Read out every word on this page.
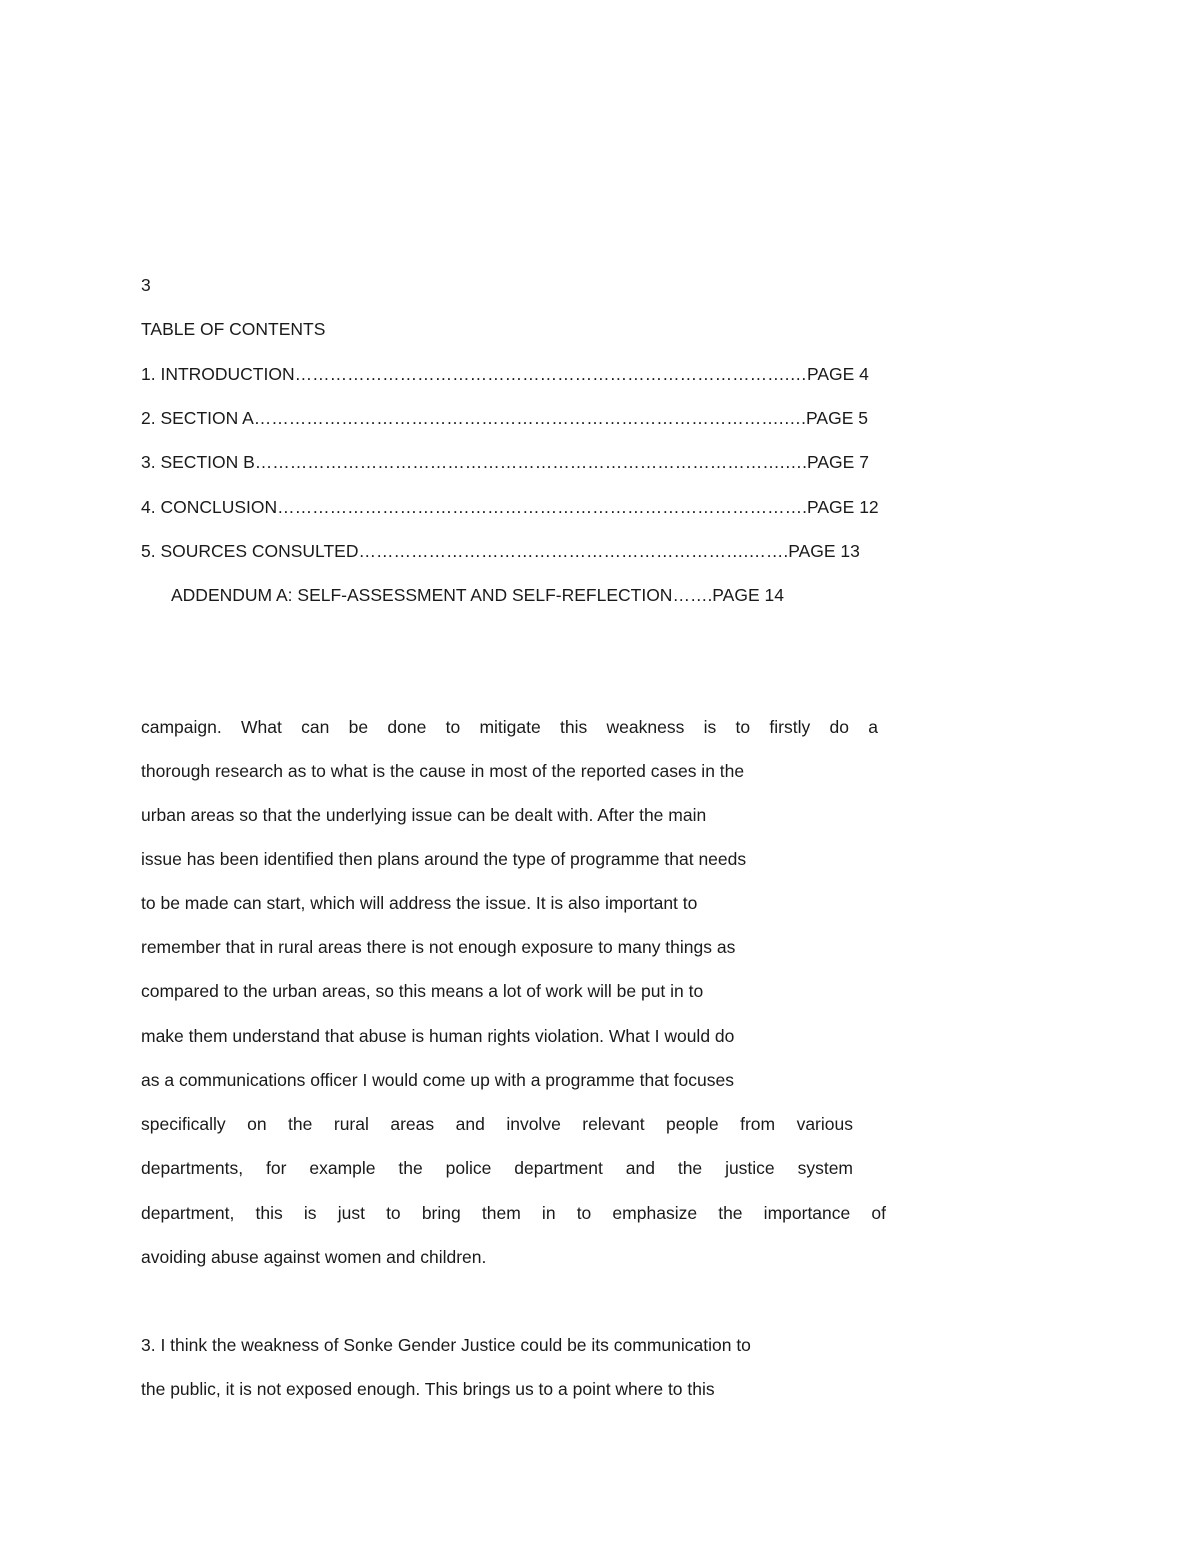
3
TABLE OF CONTENTS
1. INTRODUCTION………………………………………………………………………….…PAGE 4
2. SECTION A……………………………………………………………………………….….PAGE 5
3. SECTION B……………………………………………………………………………….….PAGE 7
4. CONCLUSION……………………………………………………………………………….PAGE 12
5. SOURCES CONSULTED………………………………………………………….…….PAGE 13
ADDENDUM A: SELF-ASSESSMENT AND SELF-REFLECTION…….PAGE 14
campaign. What can be done to mitigate this weakness is to firstly do a
thorough research as to what is the cause in most of the reported cases in the
urban areas so that the underlying issue can be dealt with. After the main
issue has been identified then plans around the type of programme that needs
to be made can start, which will address the issue. It is also important to
remember that in rural areas there is not enough exposure to many things as
compared to the urban areas, so this means a lot of work will be put in to
make them understand that abuse is human rights violation. What I would do
as a communications officer I would come up with a programme that focuses
specifically on the rural areas and involve relevant people from various
departments, for example the police department and the justice system
department, this is just to bring them in to emphasize the importance of
avoiding abuse against women and children.
3. I think the weakness of Sonke Gender Justice could be its communication to
the public, it is not exposed enough. This brings us to a point where to this
